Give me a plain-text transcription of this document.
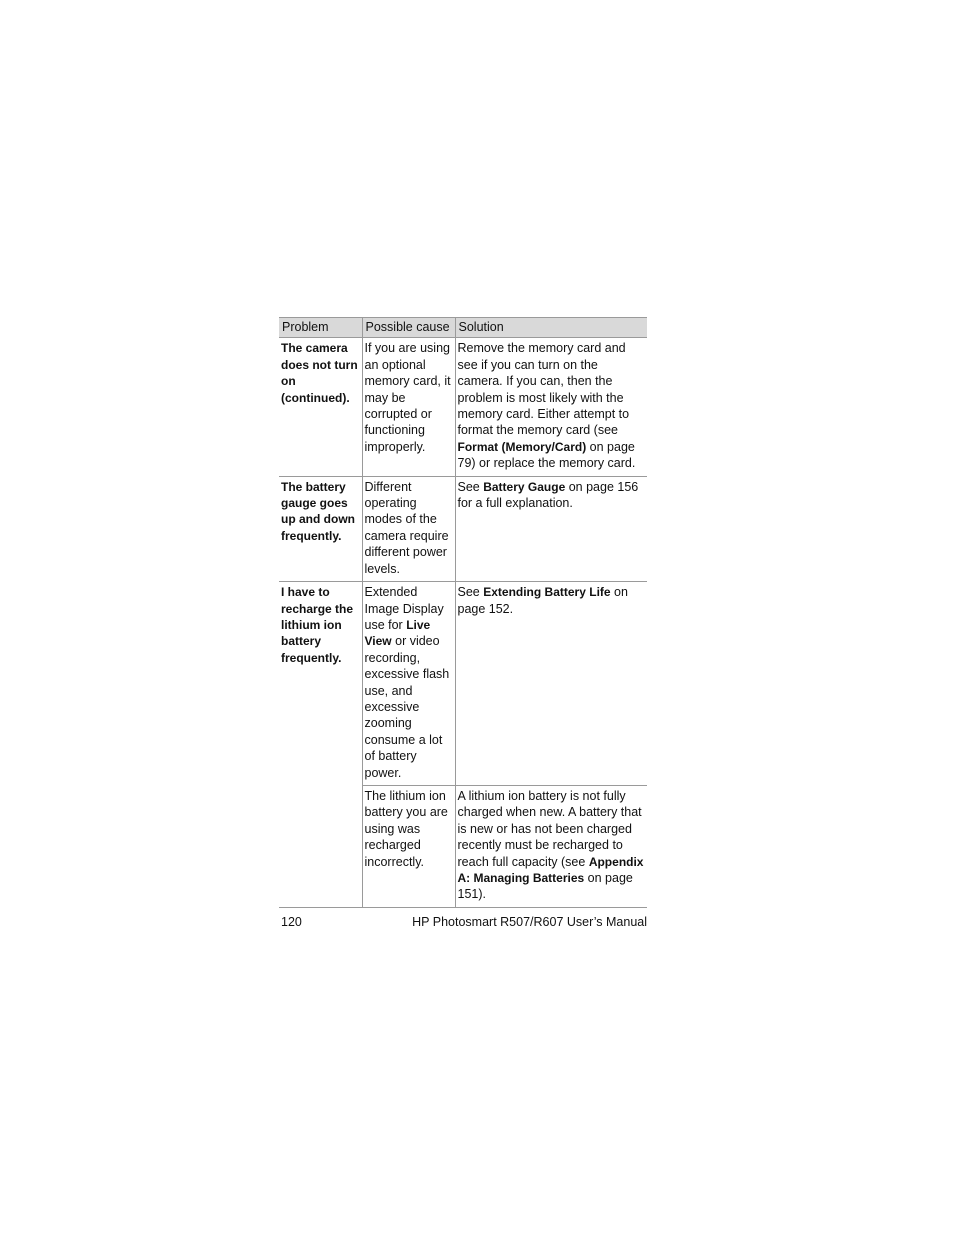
Problem	Possible cause	Solution
The camera does not turn on (continued).	If you are using an optional memory card, it may be corrupted or functioning improperly.	Remove the memory card and see if you can turn on the camera. If you can, then the problem is most likely with the memory card. Either attempt to format the memory card (see Format (Memory/Card) on page 79) or replace the memory card.
The battery gauge goes up and down frequently.	Different operating modes of the camera require different power levels.	See Battery Gauge on page 156 for a full explanation.
I have to recharge the lithium ion battery frequently.	Extended Image Display use for Live View or video recording, excessive flash use, and excessive zooming consume a lot of battery power.	See Extending Battery Life on page 152.
	The lithium ion battery you are using was recharged incorrectly.	A lithium ion battery is not fully charged when new. A battery that is new or has not been charged recently must be recharged to reach full capacity (see Appendix A: Managing Batteries on page 151).
120	HP Photosmart R507/R607 User’s Manual
